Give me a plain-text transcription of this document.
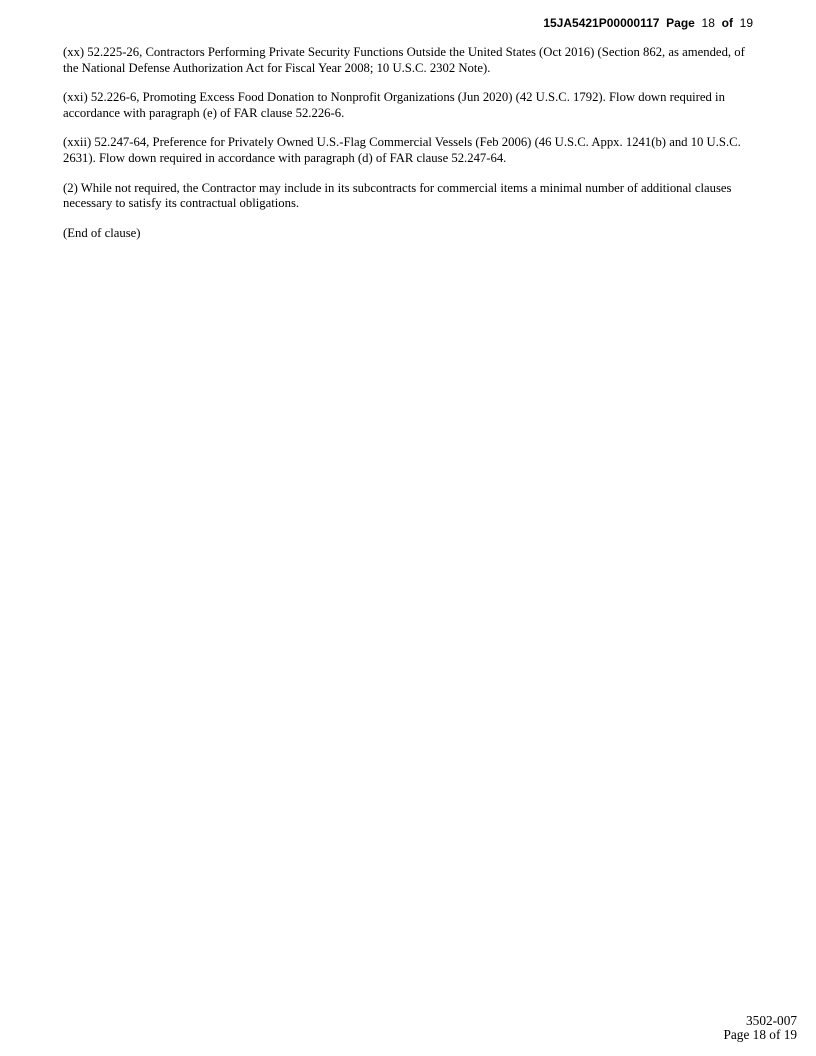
15JA5421P00000117 Page 18 of 19

(xx) 52.225-26, Contractors Performing Private Security Functions Outside the United States (Oct 2016) (Section 862, as amended, of the National Defense Authorization Act for Fiscal Year 2008; 10 U.S.C. 2302 Note).

(xxi) 52.226-6, Promoting Excess Food Donation to Nonprofit Organizations (Jun 2020) (42 U.S.C. 1792). Flow down required in accordance with paragraph (e) of FAR clause 52.226-6.

(xxii) 52.247-64, Preference for Privately Owned U.S.-Flag Commercial Vessels (Feb 2006) (46 U.S.C. Appx. 1241(b) and 10 U.S.C. 2631). Flow down required in accordance with paragraph (d) of FAR clause 52.247-64.

(2) While not required, the Contractor may include in its subcontracts for commercial items a minimal number of additional clauses necessary to satisfy its contractual obligations.

(End of clause)

3502-007
Page 18 of 19
